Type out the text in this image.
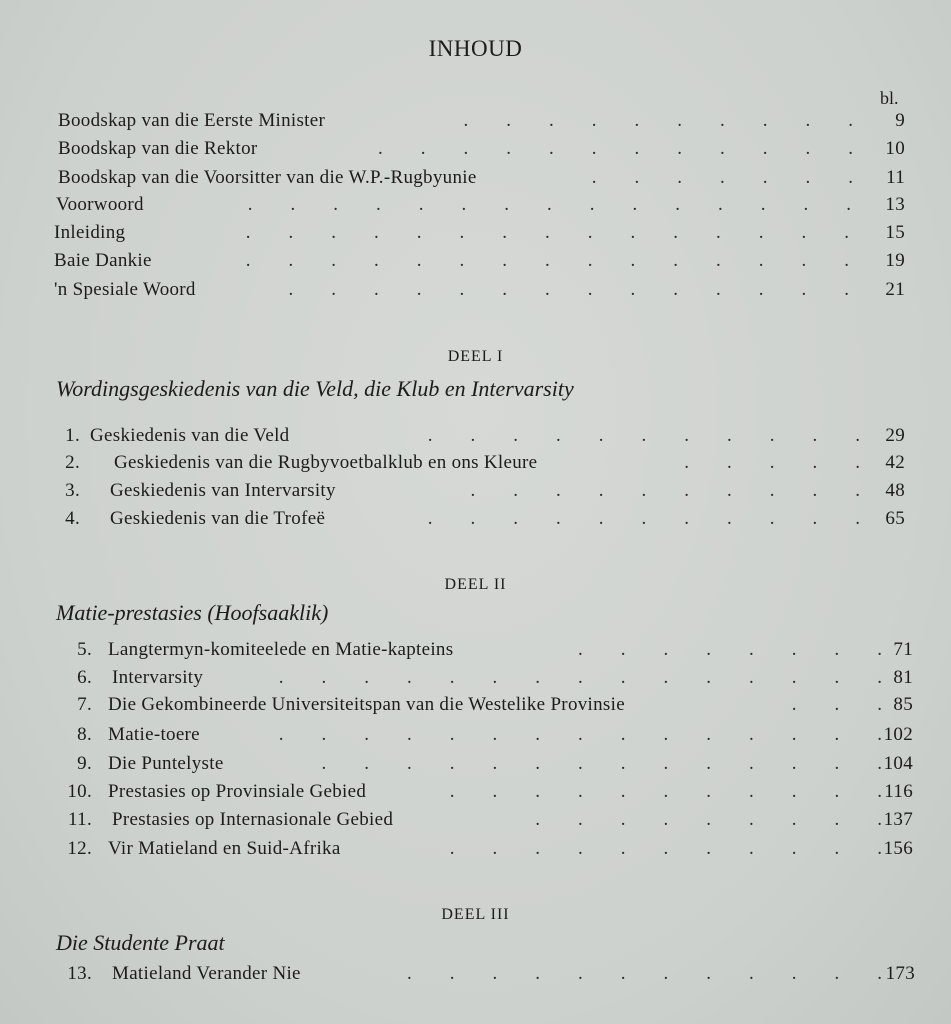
INHOUD
bl.
Boodskap van die Eerste Minister	.  .  .  .  .  .  .  .  .  . 9
Boodskap van die Rektor	.  .  .  .  .  .  .  .  .  .  .  . 10
Boodskap van die Voorsitter van die W.P.-Rugbyunie	.  .  .  .  .  .  . 11
Voorwoord	.  .  .  .  .  .  .  .  .  .  .  .  .  .  . 13
Inleiding	.  .  .  .  .  .  .  .  .  .  .  .  .  .  . 15
Baie Dankie	.  .  .  .  .  .  .  .  .  .  .  .  .  .  . 19
'n Spesiale Woord	.  .  .  .  .  .  .  .  .  .  .  .  .  . 21
DEEL I
Wordingsgeskiedenis van die Veld, die Klub en Intervarsity
1. Geskiedenis van die Veld	.  .  .  .  .  .  .  .  .  .  . 29
2. Geskiedenis van die Rugbyvoetbalklub en ons Kleure	.  .  .  .  . 42
3. Geskiedenis van Intervarsity	.  .  .  .  .  .  .  .  .  . 48
4. Geskiedenis van die Trofeë	.  .  .  .  .  .  .  .  .  .  . 65
DEEL II
Matie-prestasies (Hoofsaaklik)
5. Langtermyn-komiteelede en Matie-kapteins	.  .  .  .  .  .  .  . 71
6. Intervarsity	.  .  .  .  .  .  .  .  .  .  .  .  .  .  . 81
7. Die Gekombineerde Universiteitspan van die Westelike Provinsie	.  .  . 85
8. Matie-toere	.  .  .  .  .  .  .  .  .  .  .  .  .  .  . 102
9. Die Puntelyste	.  .  .  .  .  .  .  .  .  .  .  .  .  . 104
10. Prestasies op Provinsiale Gebied	.  .  .  .  .  .  .  .  .  .  . 116
11. Prestasies op Internasionale Gebied	.  .  .  .  .  .  .  .  . 137
12. Vir Matieland en Suid-Afrika	.  .  .  .  .  .  .  .  .  .  . 156
DEEL III
Die Studente Praat
13. Matieland Verander Nie	.  .  .  .  .  .  .  .  .  .  .  . 173
